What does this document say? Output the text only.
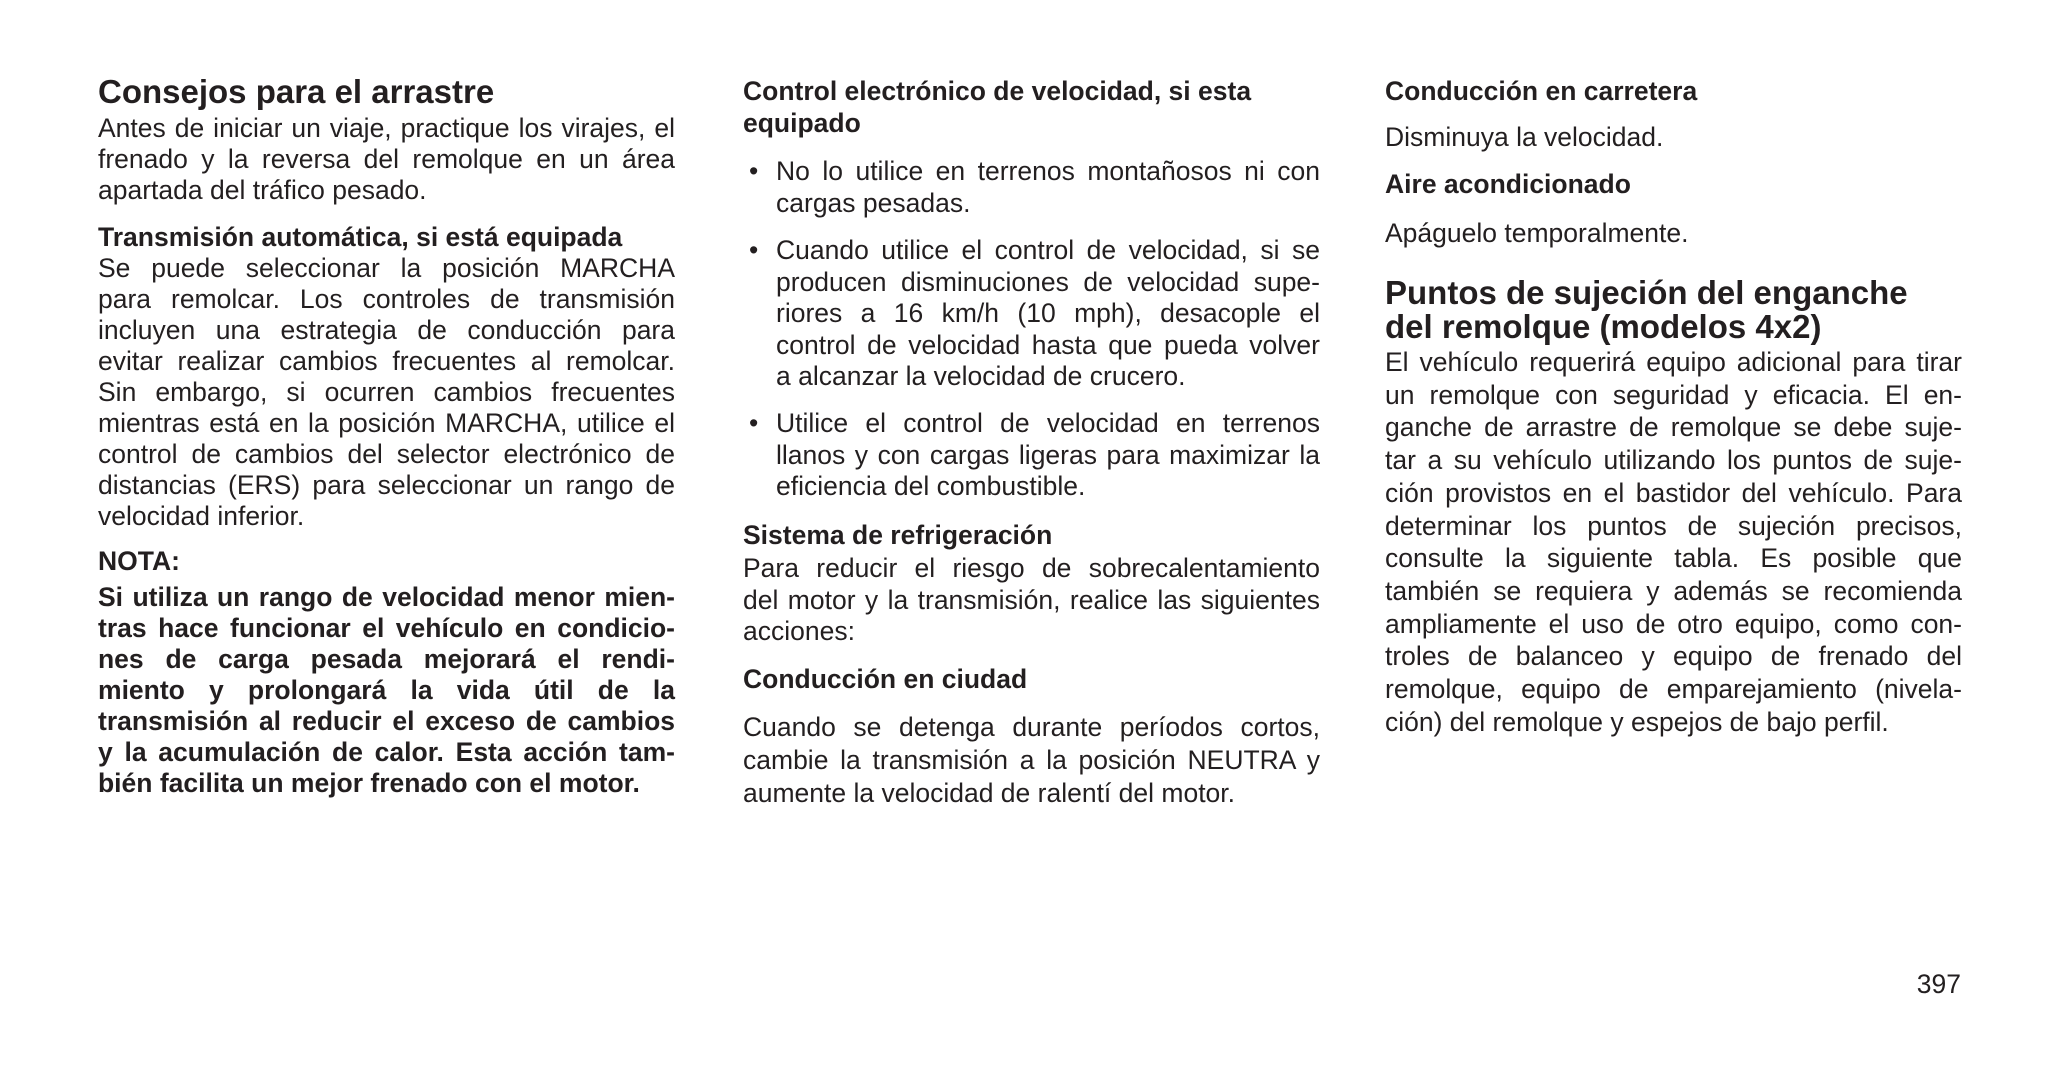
Consejos para el arrastre
Antes de iniciar un viaje, practique los virajes, el
frenado y la reversa del remolque en un área
apartada del tráfico pesado.
Transmisión automática, si está equipada
Se puede seleccionar la posición MARCHA
para remolcar. Los controles de transmisión
incluyen una estrategia de conducción para
evitar realizar cambios frecuentes al remolcar.
Sin embargo, si ocurren cambios frecuentes
mientras está en la posición MARCHA, utilice el
control de cambios del selector electrónico de
distancias (ERS) para seleccionar un rango de
velocidad inferior.
NOTA:
Si utiliza un rango de velocidad menor mien-
tras hace funcionar el vehículo en condicio-
nes de carga pesada mejorará el rendi-
miento y prolongará la vida útil de la
transmisión al reducir el exceso de cambios
y la acumulación de calor. Esta acción tam-
bién facilita un mejor frenado con el motor.
Control electrónico de velocidad, si esta
equipado
• No lo utilice en terrenos montañosos ni con
cargas pesadas.
• Cuando utilice el control de velocidad, si se
producen disminuciones de velocidad supe-
riores a 16 km/h (10 mph), desacople el
control de velocidad hasta que pueda volver
a alcanzar la velocidad de crucero.
• Utilice el control de velocidad en terrenos
llanos y con cargas ligeras para maximizar la
eficiencia del combustible.
Sistema de refrigeración
Para reducir el riesgo de sobrecalentamiento
del motor y la transmisión, realice las siguientes
acciones:
Conducción en ciudad
Cuando se detenga durante períodos cortos,
cambie la transmisión a la posición NEUTRA y
aumente la velocidad de ralentí del motor.
Conducción en carretera
Disminuya la velocidad.
Aire acondicionado
Apáguelo temporalmente.
Puntos de sujeción del enganche
del remolque (modelos 4x2)
El vehículo requerirá equipo adicional para tirar
un remolque con seguridad y eficacia. El en-
ganche de arrastre de remolque se debe suje-
tar a su vehículo utilizando los puntos de suje-
ción provistos en el bastidor del vehículo. Para
determinar los puntos de sujeción precisos,
consulte la siguiente tabla. Es posible que
también se requiera y además se recomienda
ampliamente el uso de otro equipo, como con-
troles de balanceo y equipo de frenado del
remolque, equipo de emparejamiento (nivela-
ción) del remolque y espejos de bajo perfil.
397
